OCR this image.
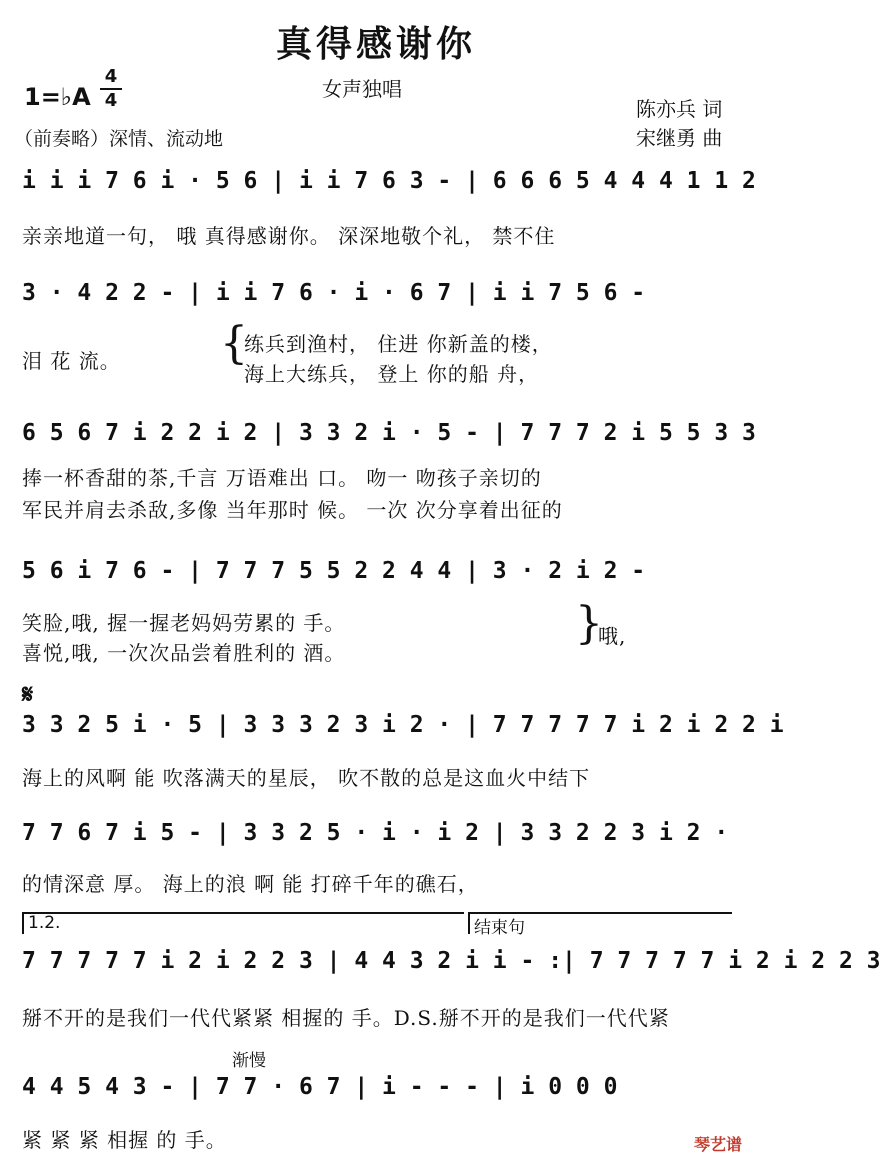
真得感谢你
女声独唱
1=♭A
4
4	陈亦兵 词
宋继勇 曲
（前奏略）深情、流动地
i i i 7 6 i · 5 6 | i i 7 6 3 - | 6 6 6 5 4 4 4 1 1 2
亲亲地道一句， 哦 真得感谢你。 深深地敬个礼， 禁不住
3 · 4 2 2 - | i i 7 6 · i · 6 7 | i i 7 5 6 -
泪 花 流。 {
练兵到渔村， 住进 你新盖的楼，
海上大练兵， 登上 你的船 舟，
6 5 6 7 i 2 2 i 2 | 3 3 2 i · 5 - | 7 7 7 2 i 5 5 3 3
捧一杯香甜的茶,千言 万语难出 口。 吻一 吻孩子亲切的
军民并肩去杀敌,多像 当年那时 候。 一次 次分享着出征的
5 6 i 7 6 - | 7 7 7 5 5 2 2 4 4 | 3 · 2 i 2 -
笑脸,哦, 握一握老妈妈劳累的 手。
喜悦,哦, 一次次品尝着胜利的 酒。
}
哦,
𝄋
3 3 2 5 i · 5 | 3 3 3 2 3 i 2 · | 7 7 7 7 7 i 2 i 2 2 i
海上的风啊 能 吹落满天的星辰， 吹不散的总是这血火中结下
7 7 6 7 i 5 - | 3 3 2 5 · i · i 2 | 3 3 2 2 3 i 2 ·
的情深意 厚。 海上的浪 啊 能 打碎千年的礁石，
1.2.	结束句
7 7 7 7 7 i 2 i 2 2 3 | 4 4 3 2 i i - :| 7 7 7 7 7 i 2 i 2 2 3
掰不开的是我们一代代紧紧 相握的 手。D.S.掰不开的是我们一代代紧
渐慢
4 4 5 4 3 - | 7 7 · 6 7 | i - - - | i 0 0 0
紧 紧 紧 相握 的 手。	琴艺谱
